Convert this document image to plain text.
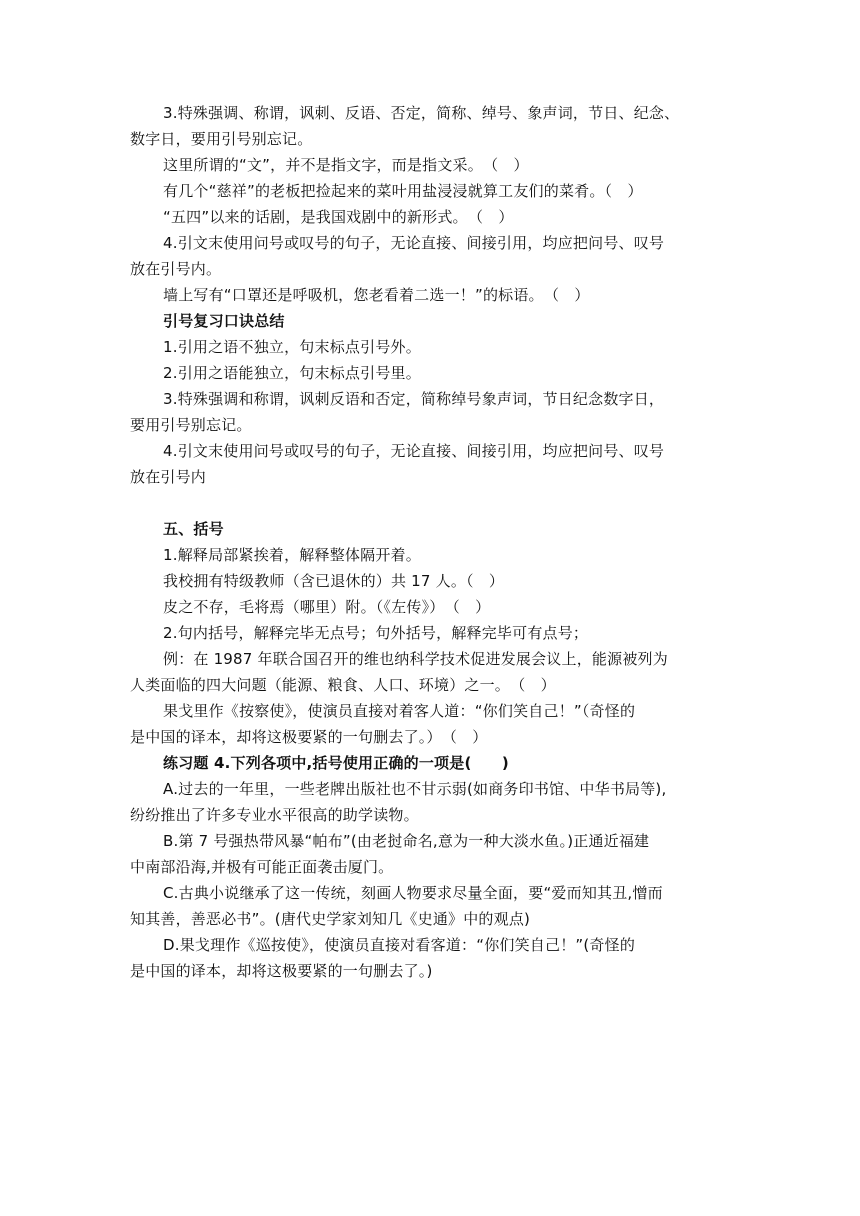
3.特殊强调、称谓，讽刺、反语、否定，简称、绰号、象声词，节日、纪念、
数字日，要用引号别忘记。
这里所谓的“文”，并不是指文字，而是指文采。　（　）
有几个“慈祥”的老板把捡起来的菜叶用盐浸浸就算工友们的菜肴。（　）
“五四”以来的话剧，是我国戏剧中的新形式。　（　）
4.引文末使用问号或叹号的句子，无论直接、间接引用，均应把问号、叹号
放在引号内。
墙上写有“口罩还是呼吸机，您老看着二选一！”的标语。　（　）
引号复习口诀总结
1.引用之语不独立，句末标点引号外。
2.引用之语能独立，句末标点引号里。
3.特殊强调和称谓，讽刺反语和否定，简称绰号象声词，节日纪念数字日，
要用引号别忘记。
4.引文末使用问号或叹号的句子，无论直接、间接引用，均应把问号、叹号
放在引号内
五、括号
1.解释局部紧挨着，解释整体隔开着。
我校拥有特级教师（含已退休的）共 17 人。（　）
皮之不存，毛将焉（哪里）附。（《左传》）　（　）
2.句内括号，解释完毕无点号；句外括号，解释完毕可有点号；
例：在 1987 年联合国召开的维也纳科学技术促进发展会议上，能源被列为
人类面临的四大问题（能源、粮食、人口、环境）之一。　（　）
果戈里作《按察使》，使演员直接对着客人道：“你们笑自己！”（奇怪的
是中国的译本，却将这极要紧的一句删去了。）　（　）
练习题 4.下列各项中,括号使用正确的一项是(　　)
A.过去的一年里，一些老牌出版社也不甘示弱(如商务印书馆、中华书局等),
纷纷推出了许多专业水平很高的助学读物。
B.第 7 号强热带风暴“帕布”(由老挝命名,意为一种大淡水鱼。)正通近福建
中南部沿海,并极有可能正面袭击厦门。
C.古典小说继承了这一传统，刻画人物要求尽量全面，要“爱而知其丑,憎而
知其善，善恶必书”。(唐代史学家刘知几《史通》中的观点)
D.果戈理作《巡按使》，使演员直接对看客道：“你们笑自己！”(奇怪的
是中国的译本，却将这极要紧的一句删去了。)
